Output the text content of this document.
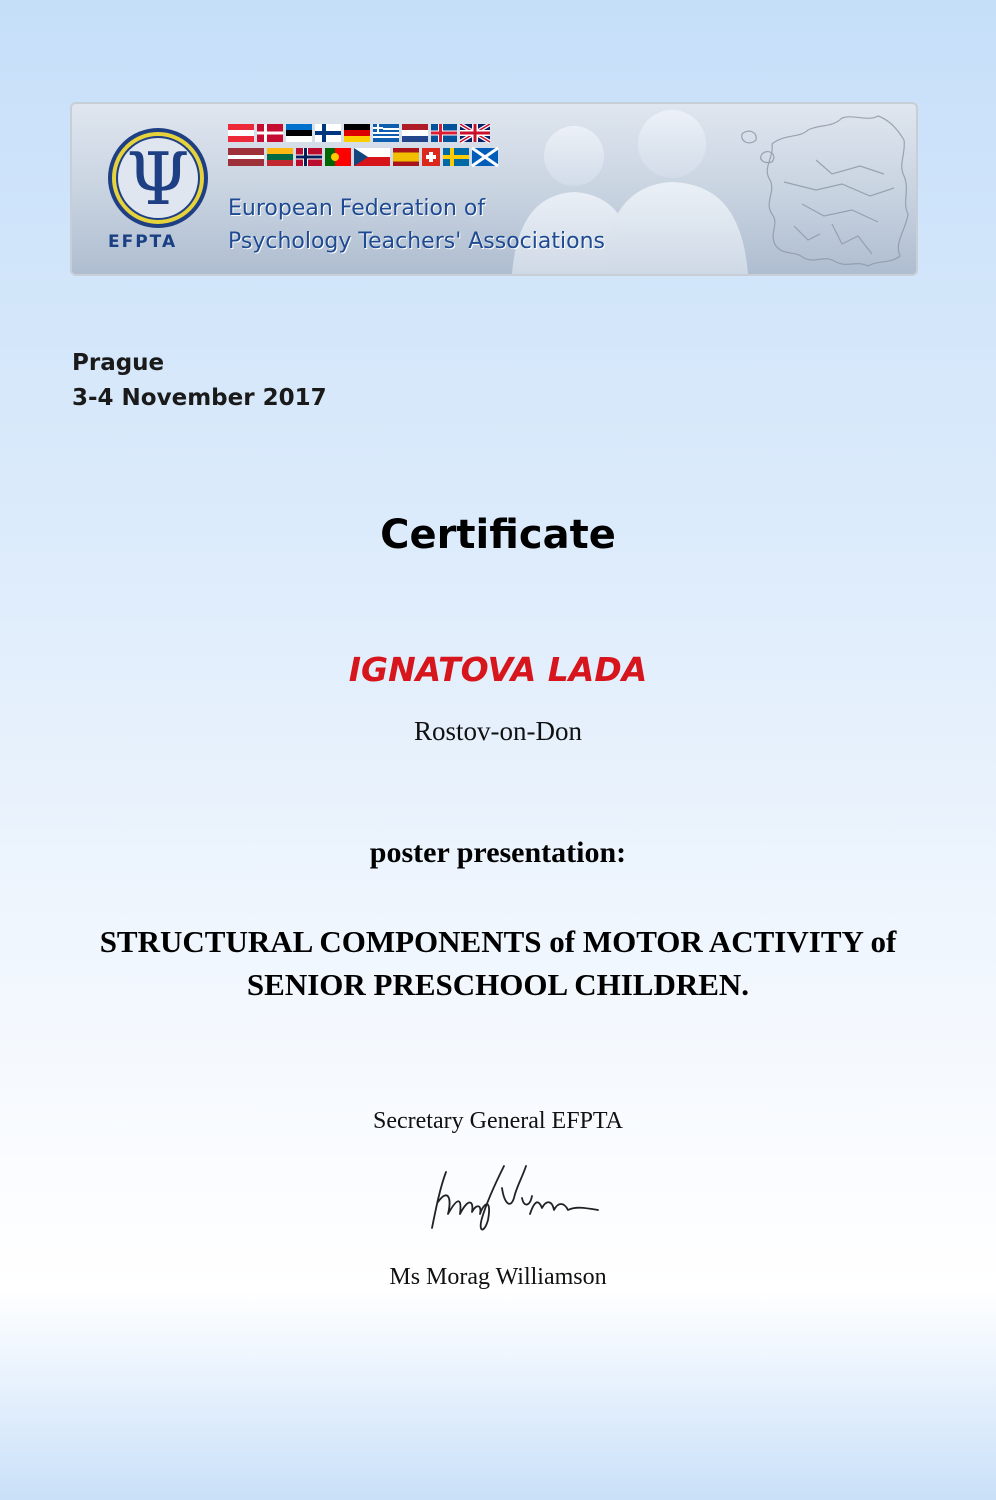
Ψ
EFPTA
European Federation of
Psychology Teachers' Associations
Prague
3-4 November 2017
Certificate
IGNATOVA LADA
Rostov-on-Don
poster presentation:
STRUCTURAL COMPONENTS of MOTOR ACTIVITY of
SENIOR PRESCHOOL CHILDREN.
Secretary General EFPTA
Ms Morag Williamson
